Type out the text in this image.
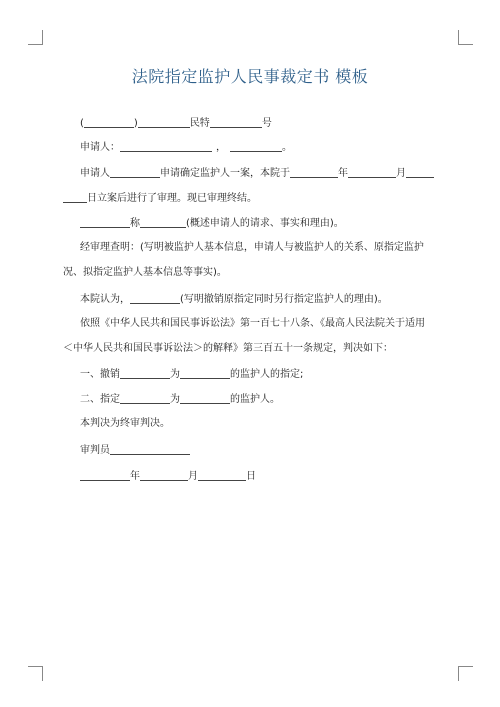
法院指定监护人民事裁定书 模板
(	)	民特	号
申请人：	，	。
申请人	申请确定监护人一案，本院于	年	月
日立案后进行了审理。现已审理终结。
称	(概述申请人的请求、事实和理由)。
经审理查明：(写明被监护人基本信息，申请人与被监护人的关系、原指定监护
况、拟指定监护人基本信息等事实)。
本院认为，	(写明撤销原指定同时另行指定监护人的理由)。
依照《中华人民共和国民事诉讼法》第一百七十八条、《最高人民法院关于适用
＜中华人民共和国民事诉讼法＞的解释》第三百五十一条规定，判决如下：
一、撤销	为	的监护人的指定;
二、指定	为	的监护人。
本判决为终审判决。
审判员
年	月	日
